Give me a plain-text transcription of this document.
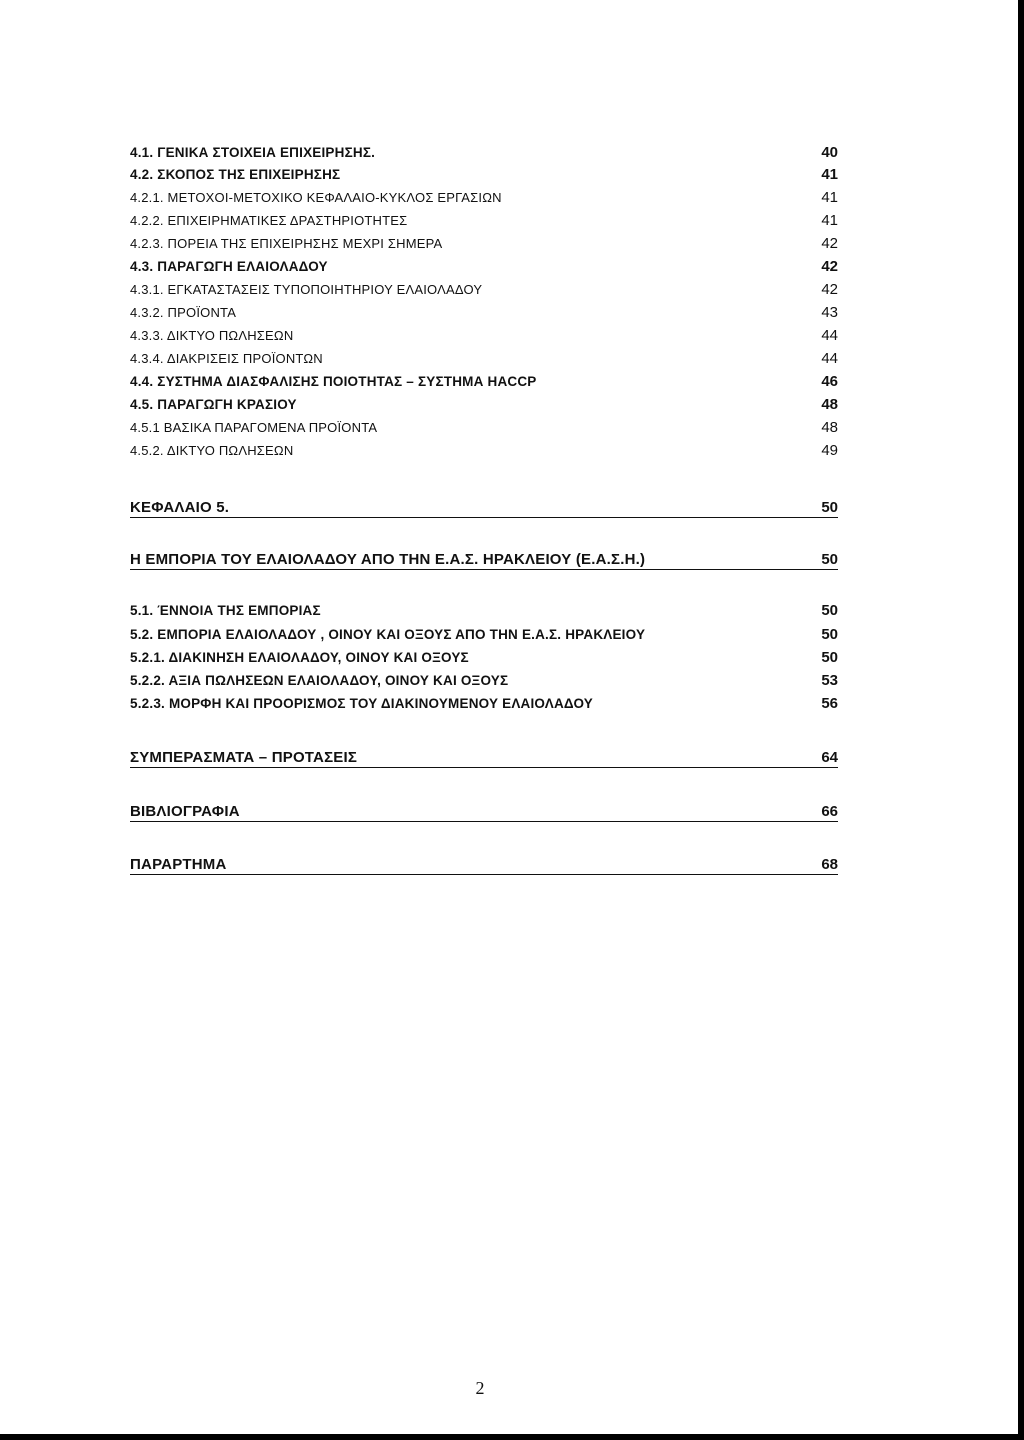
4.1. ΓΕΝΙΚΑ ΣΤΟΙΧΕΙΑ ΕΠΙΧΕΙΡΗΣΗΣ.	40
4.2. ΣΚΟΠΟΣ ΤΗΣ ΕΠΙΧΕΙΡΗΣΗΣ	41
4.2.1. ΜΕΤΟΧΟΙ-ΜΕΤΟΧΙΚΟ ΚΕΦΑΛΑΙΟ-ΚΥΚΛΟΣ ΕΡΓΑΣΙΩΝ	41
4.2.2. ΕΠΙΧΕΙΡΗΜΑΤΙΚΕΣ ΔΡΑΣΤΗΡΙΟΤΗΤΕΣ	41
4.2.3. ΠΟΡΕΙΑ ΤΗΣ ΕΠΙΧΕΙΡΗΣΗΣ ΜΕΧΡΙ ΣΗΜΕΡΑ	42
4.3. ΠΑΡΑΓΩΓΗ ΕΛΑΙΟΛΑΔΟΥ	42
4.3.1. ΕΓΚΑΤΑΣΤΑΣΕΙΣ ΤΥΠΟΠΟΙΗΤΗΡΙΟΥ ΕΛΑΙΟΛΑΔΟΥ	42
4.3.2. ΠΡΟΪΟΝΤΑ	43
4.3.3. ΔΙΚΤΥΟ ΠΩΛΗΣΕΩΝ	44
4.3.4. ΔΙΑΚΡΙΣΕΙΣ ΠΡΟΪΟΝΤΩΝ	44
4.4. ΣΥΣΤΗΜΑ ΔΙΑΣΦΑΛΙΣΗΣ ΠΟΙΟΤΗΤΑΣ – ΣΥΣΤΗΜΑ HACCP	46
4.5. ΠΑΡΑΓΩΓΗ ΚΡΑΣΙΟΥ	48
4.5.1 ΒΑΣΙΚΑ ΠΑΡΑΓΟΜΕΝΑ ΠΡΟΪΟΝΤΑ	48
4.5.2. ΔΙΚΤΥΟ ΠΩΛΗΣΕΩΝ	49
ΚΕΦΑΛΑΙΟ 5.	50
Η ΕΜΠΟΡΙΑ ΤΟΥ ΕΛΑΙΟΛΑΔΟΥ ΑΠΟ ΤΗΝ Ε.Α.Σ. ΗΡΑΚΛΕΙΟΥ (Ε.Α.Σ.Η.)	50
5.1. ΈΝΝΟΙΑ ΤΗΣ ΕΜΠΟΡΙΑΣ	50
5.2. ΕΜΠΟΡΙΑ ΕΛΑΙΟΛΑΔΟΥ , ΟΙΝΟΥ ΚΑΙ ΟΞΟΥΣ ΑΠΟ ΤΗΝ Ε.Α.Σ. ΗΡΑΚΛΕΙΟΥ	50
5.2.1. ΔΙΑΚΙΝΗΣΗ ΕΛΑΙΟΛΑΔΟΥ, ΟΙΝΟΥ ΚΑΙ ΟΞΟΥΣ	50
5.2.2. ΑΞΙΑ ΠΩΛΗΣΕΩΝ ΕΛΑΙΟΛΑΔΟΥ, ΟΙΝΟΥ ΚΑΙ ΟΞΟΥΣ	53
5.2.3. ΜΟΡΦΗ ΚΑΙ ΠΡΟΟΡΙΣΜΟΣ ΤΟΥ ΔΙΑΚΙΝΟΥΜΕΝΟΥ ΕΛΑΙΟΛΑΔΟΥ	56
ΣΥΜΠΕΡΑΣΜΑΤΑ – ΠΡΟΤΑΣΕΙΣ	64
ΒΙΒΛΙΟΓΡΑΦΙΑ	66
ΠΑΡΑΡΤΗΜΑ	68
2
